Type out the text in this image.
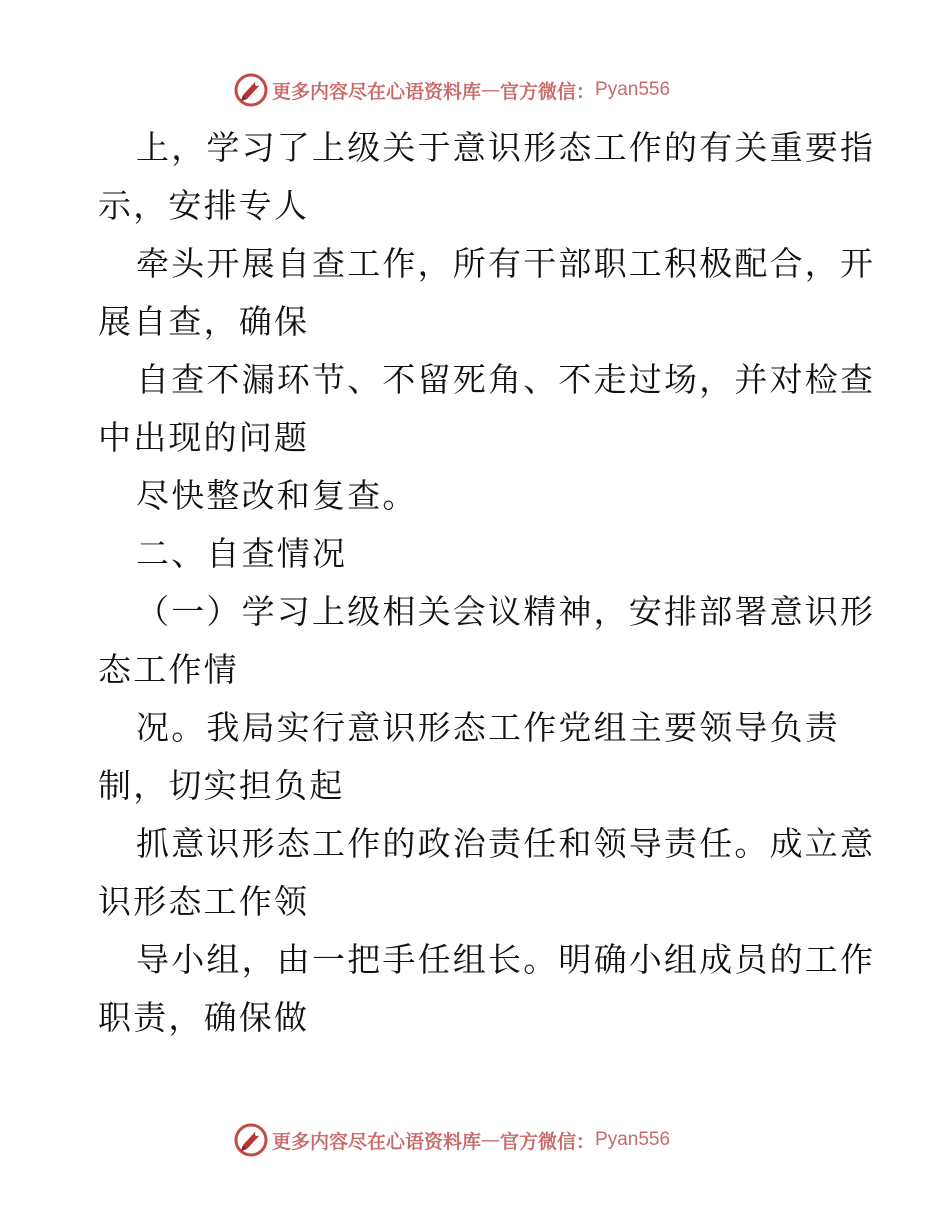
更多内容尽在心语资料库 — 官方微信： Pyan556
上，学习了上级关于意识形态工作的有关重要指
示，安排专人
牵头开展自查工作，所有干部职工积极配合，开
展自查，确保
自查不漏环节、不留死角、不走过场，并对检查
中出现的问题
尽快整改和复查。
二、自查情况
（一）学习上级相关会议精神，安排部署意识形
态工作情
况。我局实行意识形态工作党组主要领导负责
制，切实担负起
抓意识形态工作的政治责任和领导责任。成立意
识形态工作领
导小组，由一把手任组长。明确小组成员的工作
职责，确保做
更多内容尽在心语资料库 — 官方微信： Pyan556
